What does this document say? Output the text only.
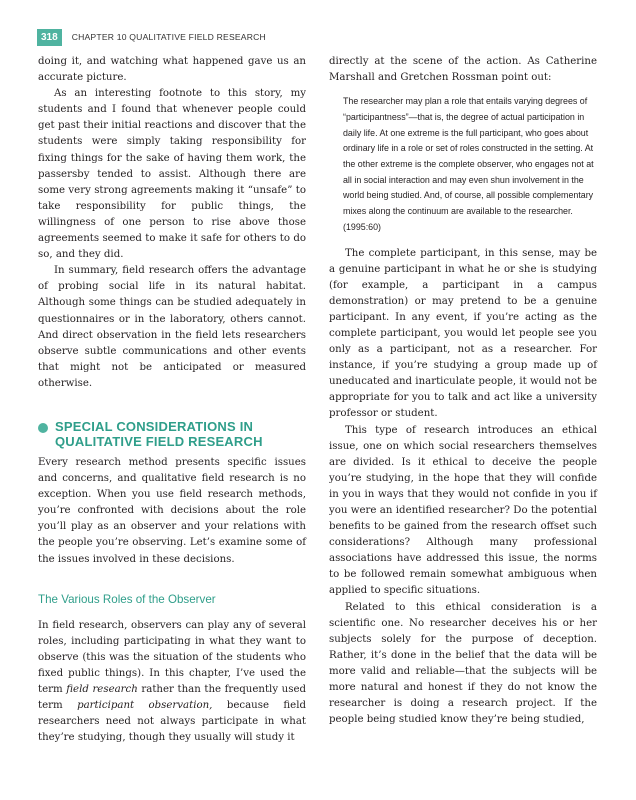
318	CHAPTER 10 QUALITATIVE FIELD RESEARCH

doing it, and watching what happened gave us an accurate picture.

As an interesting footnote to this story, my students and I found that whenever people could get past their initial reactions and discover that the students were simply taking responsibility for fixing things for the sake of having them work, the passersby tended to assist. Although there are some very strong agreements making it “unsafe” to take responsibility for public things, the willingness of one person to rise above those agreements seemed to make it safe for others to do so, and they did.

In summary, field research offers the advantage of probing social life in its natural habitat. Although some things can be studied adequately in questionnaires or in the laboratory, others cannot. And direct observation in the field lets researchers observe subtle communications and other events that might not be anticipated or measured otherwise.

SPECIAL CONSIDERATIONS IN QUALITATIVE FIELD RESEARCH

Every research method presents specific issues and concerns, and qualitative field research is no exception. When you use field research methods, you’re confronted with decisions about the role you’ll play as an observer and your relations with the people you’re observing. Let’s examine some of the issues involved in these decisions.

The Various Roles of the Observer

In field research, observers can play any of several roles, including participating in what they want to observe (this was the situation of the students who fixed public things). In this chapter, I’ve used the term field research rather than the frequently used term participant observation, because field researchers need not always participate in what they’re studying, though they usually will study it

directly at the scene of the action. As Catherine Marshall and Gretchen Rossman point out:

The researcher may plan a role that entails varying degrees of “participantness”—that is, the degree of actual participation in daily life. At one extreme is the full participant, who goes about ordinary life in a role or set of roles constructed in the setting. At the other extreme is the complete observer, who engages not at all in social interaction and may even shun involvement in the world being studied. And, of course, all possible complementary mixes along the continuum are available to the researcher. (1995:60)

The complete participant, in this sense, may be a genuine participant in what he or she is studying (for example, a participant in a campus demonstration) or may pretend to be a genuine participant. In any event, if you’re acting as the complete participant, you would let people see you only as a participant, not as a researcher. For instance, if you’re studying a group made up of uneducated and inarticulate people, it would not be appropriate for you to talk and act like a university professor or student.

This type of research introduces an ethical issue, one on which social researchers themselves are divided. Is it ethical to deceive the people you’re studying, in the hope that they will confide in you in ways that they would not confide in you if you were an identified researcher? Do the potential benefits to be gained from the research offset such considerations? Although many professional associations have addressed this issue, the norms to be followed remain somewhat ambiguous when applied to specific situations.

Related to this ethical consideration is a scientific one. No researcher deceives his or her subjects solely for the purpose of deception. Rather, it’s done in the belief that the data will be more valid and reliable—that the subjects will be more natural and honest if they do not know the researcher is doing a research project. If the people being studied know they’re being studied,
